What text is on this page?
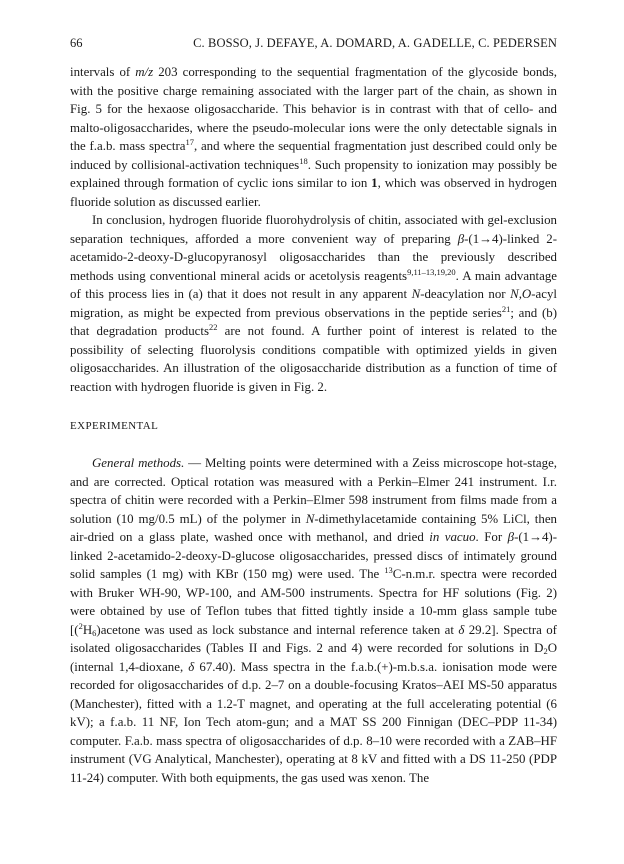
66	C. BOSSO, J. DEFAYE, A. DOMARD, A. GADELLE, C. PEDERSEN

intervals of m/z 203 corresponding to the sequential fragmentation of the glycoside bonds, with the positive charge remaining associated with the larger part of the chain, as shown in Fig. 5 for the hexaose oligosaccharide. This behavior is in contrast with that of cello- and malto-oligosaccharides, where the pseudo-molecular ions were the only detectable signals in the f.a.b. mass spectra$^{17}$, and where the sequential fragmentation just described could only be induced by collisional-activation techniques$^{18}$. Such propensity to ionization may possibly be explained through formation of cyclic ions similar to ion 1, which was observed in hydrogen fluoride solution as discussed earlier.

In conclusion, hydrogen fluoride fluorohydrolysis of chitin, associated with gel-exclusion separation techniques, afforded a more convenient way of preparing β-(1→4)-linked 2-acetamido-2-deoxy-D-glucopyranosyl oligosaccharides than the previously described methods using conventional mineral acids or acetolysis reagents$^{9,11-13,19,20}$. A main advantage of this process lies in (a) that it does not result in any apparent N-deacylation nor N,O-acyl migration, as might be expected from previous observations in the peptide series$^{21}$; and (b) that degradation products$^{22}$ are not found. A further point of interest is related to the possibility of selecting fluorolysis conditions compatible with optimized yields in given oligosaccharides. An illustration of the oligosaccharide distribution as a function of time of reaction with hydrogen fluoride is given in Fig. 2.

EXPERIMENTAL

General methods. — Melting points were determined with a Zeiss microscope hot-stage, and are corrected. Optical rotation was measured with a Perkin–Elmer 241 instrument. I.r. spectra of chitin were recorded with a Perkin–Elmer 598 instrument from films made from a solution (10 mg/0.5 mL) of the polymer in N-dimethylacetamide containing 5% LiCl, then air-dried on a glass plate, washed once with methanol, and dried in vacuo. For β-(1→4)-linked 2-acetamido-2-deoxy-D-glucose oligosaccharides, pressed discs of intimately ground solid samples (1 mg) with KBr (150 mg) were used. The $^{13}$C-n.m.r. spectra were recorded with Bruker WH-90, WP-100, and AM-500 instruments. Spectra for HF solutions (Fig. 2) were obtained by use of Teflon tubes that fitted tightly inside a 10-mm glass sample tube [$(^2H_6)acetone$ was used as lock substance and internal reference taken at δ 29.2]. Spectra of isolated oligosaccharides (Tables II and Figs. 2 and 4) were recorded for solutions in $D_2O$ (internal 1,4-dioxane, δ 67.40). Mass spectra in the f.a.b.(+)-m.b.s.a. ionisation mode were recorded for oligosaccharides of d.p. 2–7 on a double-focusing Kratos–AEI MS-50 apparatus (Manchester), fitted with a 1.2-T magnet, and operating at the full accelerating potential (6 kV); a f.a.b. 11 NF, Ion Tech atom-gun; and a MAT SS 200 Finnigan (DEC–PDP 11-34) computer. F.a.b. mass spectra of oligosaccharides of d.p. 8–10 were recorded with a ZAB–HF instrument (VG Analytical, Manchester), operating at 8 kV and fitted with a DS 11-250 (PDP 11-24) computer. With both equipments, the gas used was xenon. The
